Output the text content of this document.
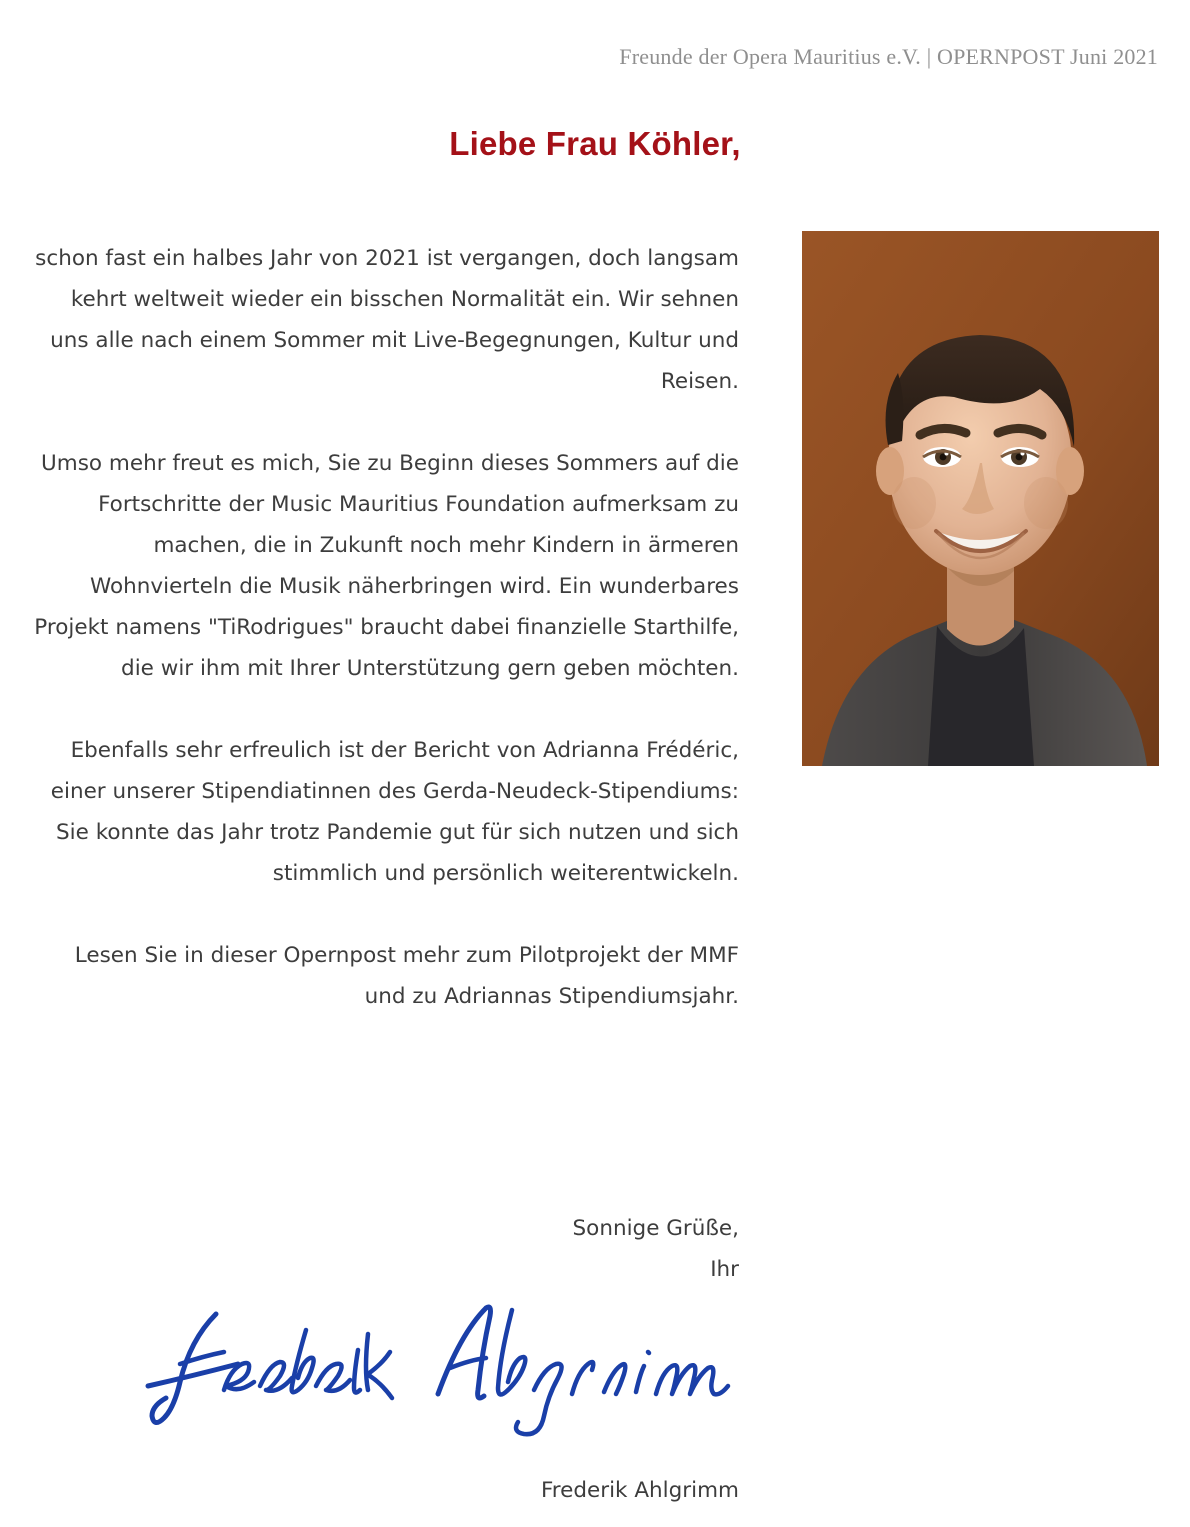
Freunde der Opera Mauritius e.V. | OPERNPOST Juni 2021
Liebe Frau Köhler,

schon fast ein halbes Jahr von 2021 ist vergangen, doch langsam kehrt weltweit wieder ein bisschen Normalität ein. Wir sehnen uns alle nach einem Sommer mit Live-Begegnungen, Kultur und Reisen.

Umso mehr freut es mich, Sie zu Beginn dieses Sommers auf die Fortschritte der Music Mauritius Foundation aufmerksam zu machen, die in Zukunft noch mehr Kindern in ärmeren Wohnvierteln die Musik näherbringen wird. Ein wunderbares Projekt namens "TiRodrigues" braucht dabei finanzielle Starthilfe, die wir ihm mit Ihrer Unterstützung gern geben möchten.

Ebenfalls sehr erfreulich ist der Bericht von Adrianna Frédéric, einer unserer Stipendiatinnen des Gerda-Neudeck-Stipendiums: Sie konnte das Jahr trotz Pandemie gut für sich nutzen und sich stimmlich und persönlich weiterentwickeln.

Lesen Sie in dieser Opernpost mehr zum Pilotprojekt der MMF und zu Adriannas Stipendiumsjahr.

Sonnige Grüße,
Ihr
Frederik Ahlgrimm
